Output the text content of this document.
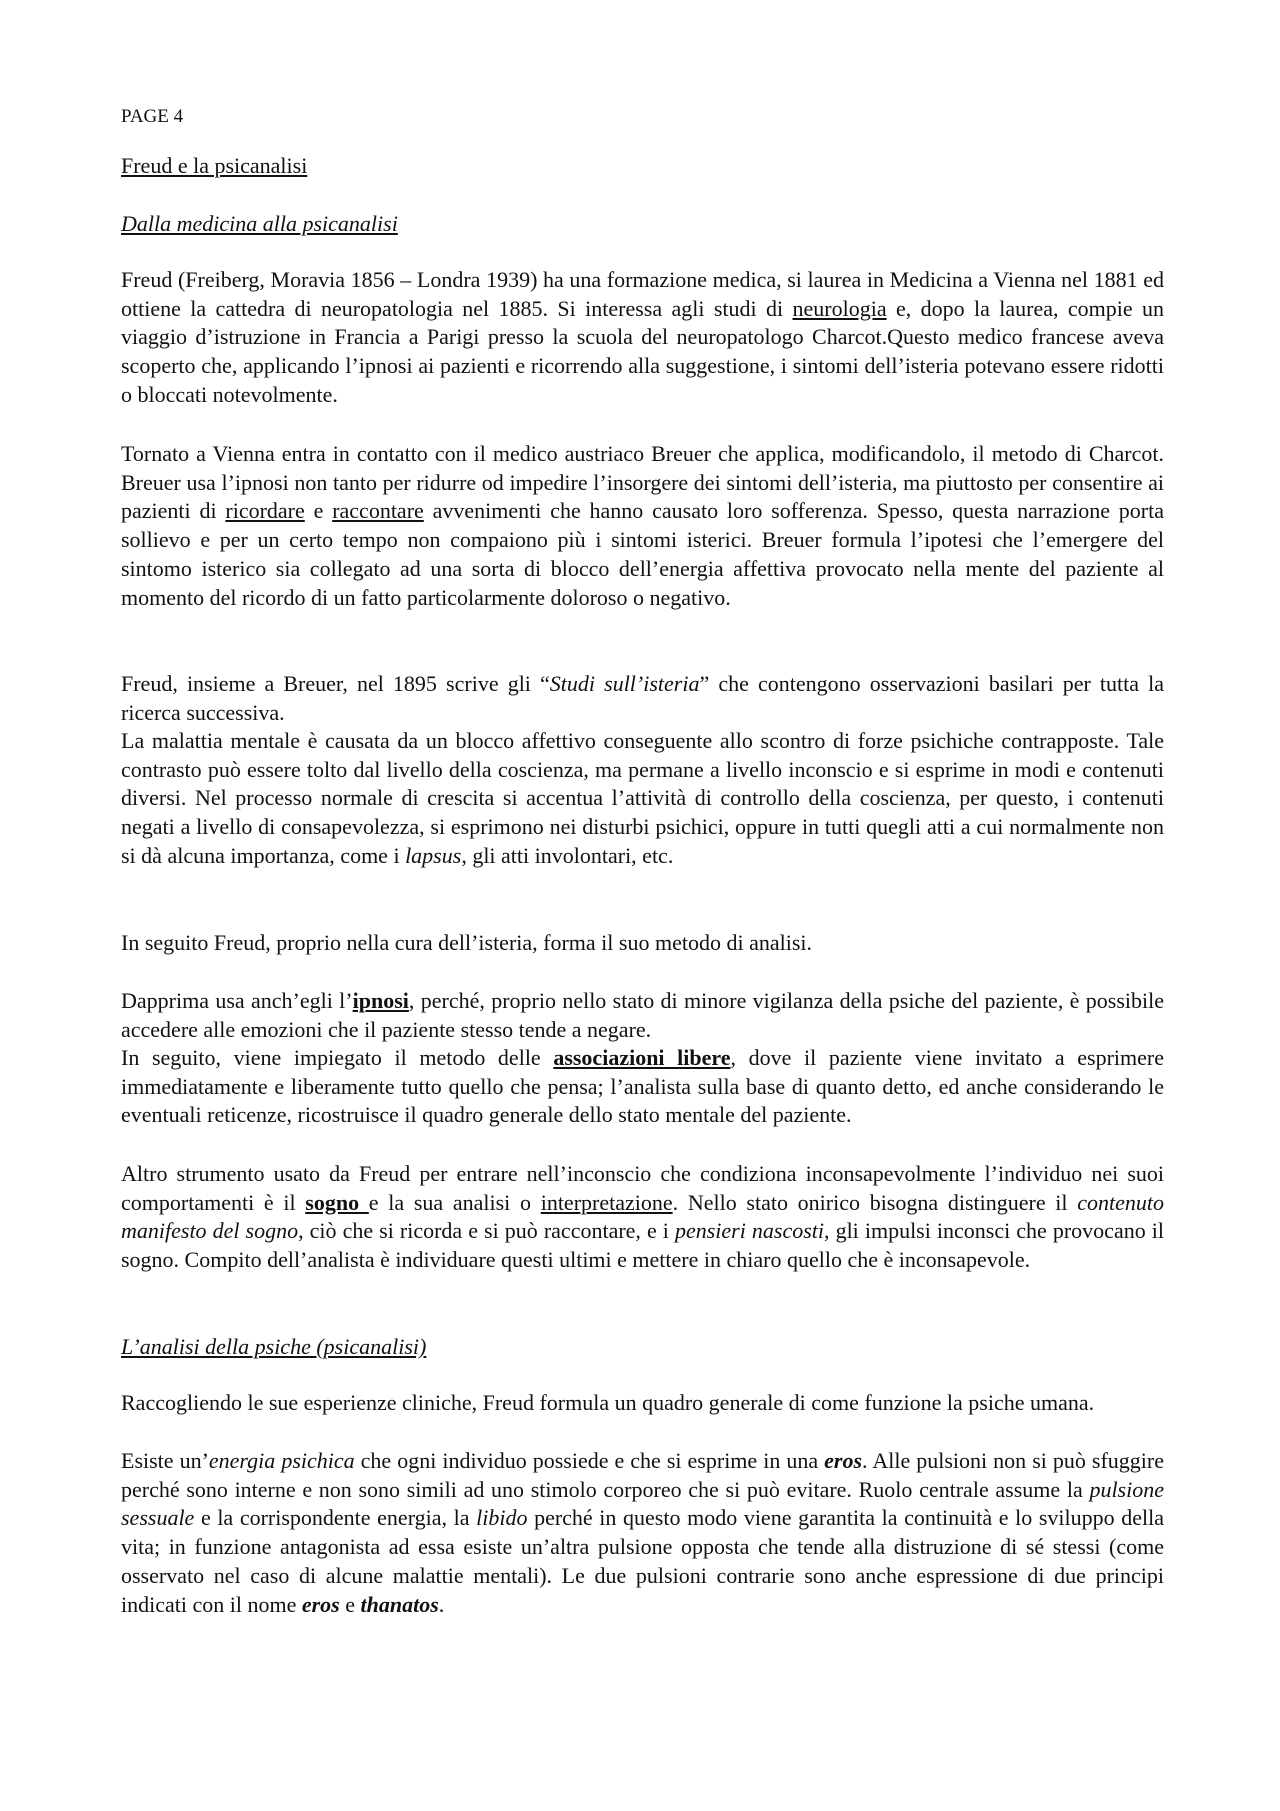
PAGE 4
Freud e la psicanalisi
Dalla medicina alla psicanalisi

Freud (Freiberg, Moravia 1856 – Londra 1939) ha una formazione medica, si laurea in Medicina a Vienna nel 1881 ed ottiene la cattedra di neuropatologia nel 1885. Si interessa agli studi di neurologia e, dopo la laurea, compie un viaggio d’istruzione in Francia a Parigi presso la scuola del neuropatologo Charcot.Questo medico francese aveva scoperto che, applicando l’ipnosi ai pazienti e ricorrendo alla suggestione, i sintomi dell’isteria potevano essere ridotti o bloccati notevolmente.

Tornato a Vienna entra in contatto con il medico austriaco Breuer che applica, modificandolo, il metodo di Charcot. Breuer usa l’ipnosi non tanto per ridurre od impedire l’insorgere dei sintomi dell’isteria, ma piuttosto per consentire ai pazienti di ricordare e raccontare avvenimenti che hanno causato loro sofferenza. Spesso, questa narrazione porta sollievo e per un certo tempo non compaiono più i sintomi isterici. Breuer formula l’ipotesi che l’emergere del sintomo isterico sia collegato ad una sorta di blocco dell’energia affettiva provocato nella mente del paziente al momento del ricordo di un fatto particolarmente doloroso o negativo.

Freud, insieme a Breuer, nel 1895 scrive gli “Studi sull’isteria” che contengono osservazioni basilari per tutta la ricerca successiva.

La malattia mentale è causata da un blocco affettivo conseguente allo scontro di forze psichiche contrapposte. Tale contrasto può essere tolto dal livello della coscienza, ma permane a livello inconscio e si esprime in modi e contenuti diversi. Nel processo normale di crescita si accentua l’attività di controllo della coscienza, per questo, i contenuti negati a livello di consapevolezza, si esprimono nei disturbi psichici, oppure in tutti quegli atti a cui normalmente non si dà alcuna importanza, come i lapsus, gli atti involontari, etc.

In seguito Freud, proprio nella cura dell’isteria, forma il suo metodo di analisi.

Dapprima usa anch’egli l’ipnosi, perché, proprio nello stato di minore vigilanza della psiche del paziente, è possibile accedere alle emozioni che il paziente stesso tende a negare.

In seguito, viene impiegato il metodo delle associazioni libere, dove il paziente viene invitato a esprimere immediatamente e liberamente tutto quello che pensa; l’analista sulla base di quanto detto, ed anche considerando le eventuali reticenze, ricostruisce il quadro generale dello stato mentale del paziente.

Altro strumento usato da Freud per entrare nell’inconscio che condiziona inconsapevolmente l’individuo nei suoi comportamenti è il sogno e la sua analisi o interpretazione. Nello stato onirico bisogna distinguere il contenuto manifesto del sogno, ciò che si ricorda e si può raccontare, e i pensieri nascosti, gli impulsi inconsci che provocano il sogno. Compito dell’analista è individuare questi ultimi e mettere in chiaro quello che è inconsapevole.

L’analisi della psiche (psicanalisi)

Raccogliendo le sue esperienze cliniche, Freud formula un quadro generale di come funzione la psiche umana.

Esiste un’energia psichica che ogni individuo possiede e che si esprime in una eros. Alle pulsioni non si può sfuggire perché sono interne e non sono simili ad uno stimolo corporeo che si può evitare. Ruolo centrale assume la pulsione sessuale e la corrispondente energia, la libido perché in questo modo viene garantita la continuità e lo sviluppo della vita; in funzione antagonista ad essa esiste un’altra pulsione opposta che tende alla distruzione di sé stessi (come osservato nel caso di alcune malattie mentali). Le due pulsioni contrarie sono anche espressione di due principi indicati con il nome eros e thanatos.
